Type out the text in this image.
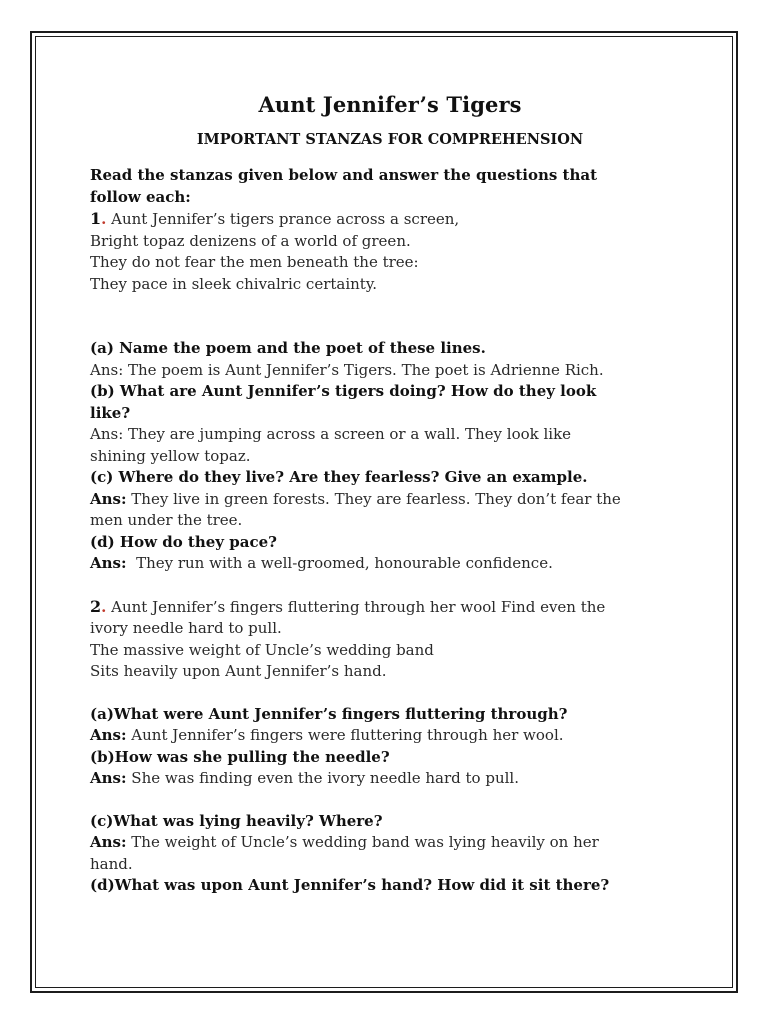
Aunt Jennifer’s Tigers
IMPORTANT STANZAS FOR COMPREHENSION
Read the stanzas given below and answer the questions that
follow each:
1. Aunt Jennifer’s tigers prance across a screen,
Bright topaz denizens of a world of green.
They do not fear the men beneath the tree:
They pace in sleek chivalric certainty.
(a) Name the poem and the poet of these lines.
Ans: The poem is Aunt Jennifer’s Tigers. The poet is Adrienne Rich.
(b) What are Aunt Jennifer’s tigers doing? How do they look
like?
Ans: They are jumping across a screen or a wall. They look like
shining yellow topaz.
(c) Where do they live? Are they fearless? Give an example.
Ans: They live in green forests. They are fearless. They don’t fear the
men under the tree.
(d) How do they pace?
Ans:  They run with a well-groomed, honourable confidence.
2. Aunt Jennifer’s fingers fluttering through her wool Find even the
ivory needle hard to pull.
The massive weight of Uncle’s wedding band
Sits heavily upon Aunt Jennifer’s hand.
(a)What were Aunt Jennifer’s fingers fluttering through?
Ans: Aunt Jennifer’s fingers were fluttering through her wool.
(b)How was she pulling the needle?
Ans: She was finding even the ivory needle hard to pull.
(c)What was lying heavily? Where?
Ans: The weight of Uncle’s wedding band was lying heavily on her
hand.
(d)What was upon Aunt Jennifer’s hand? How did it sit there?
